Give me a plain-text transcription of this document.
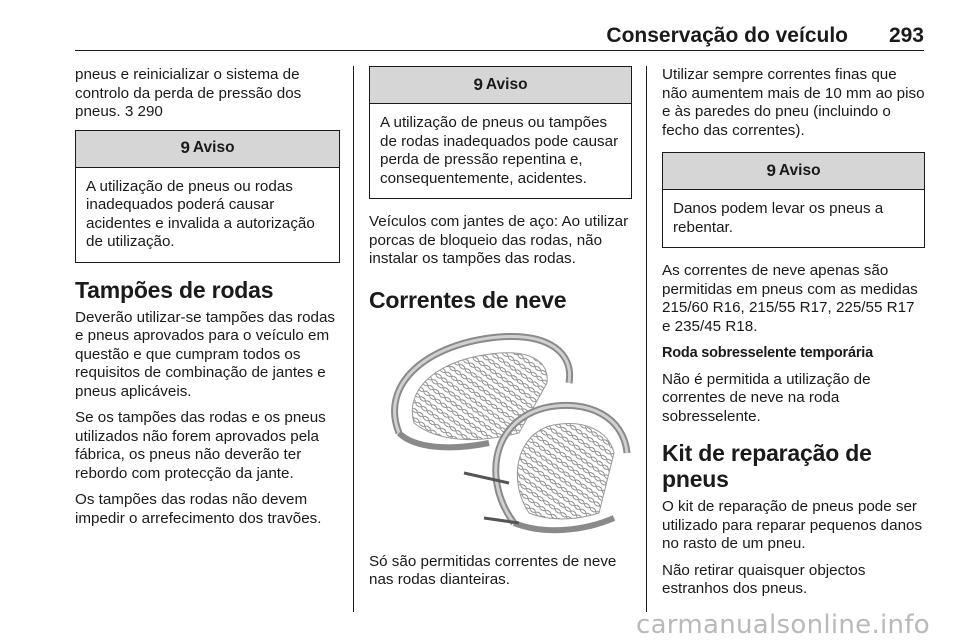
Conservação do veículo 293

pneus e reinicializar o sistema de controlo da perda de pressão dos pneus. 3 290

9 Aviso
A utilização de pneus ou rodas inadequados poderá causar acidentes e invalida a autorização de utilização.
Tampões de rodas

Deverão utilizar-se tampões das rodas e pneus aprovados para o veículo em questão e que cumpram todos os requisitos de combinação de jantes e pneus aplicáveis.

Se os tampões das rodas e os pneus utilizados não forem aprovados pela fábrica, os pneus não deverão ter rebordo com protecção da jante.

Os tampões das rodas não devem impedir o arrefecimento dos travões.

9 Aviso
A utilização de pneus ou tampões de rodas inadequados pode causar perda de pressão repentina e, consequentemente, acidentes.

Veículos com jantes de aço: Ao utilizar porcas de bloqueio das rodas, não instalar os tampões das rodas.

Correntes de neve

Só são permitidas correntes de neve nas rodas dianteiras.

Utilizar sempre correntes finas que não aumentem mais de 10 mm ao piso e às paredes do pneu (incluindo o fecho das correntes).

9 Aviso
Danos podem levar os pneus a rebentar.

As correntes de neve apenas são permitidas em pneus com as medidas 215/60 R16, 215/55 R17, 225/55 R17 e 235/45 R18.

Roda sobresselente temporária

Não é permitida a utilização de correntes de neve na roda sobresselente.

Kit de reparação de pneus

O kit de reparação de pneus pode ser utilizado para reparar pequenos danos no rasto de um pneu.

Não retirar quaisquer objectos estranhos dos pneus.

carmanualsonline.info
